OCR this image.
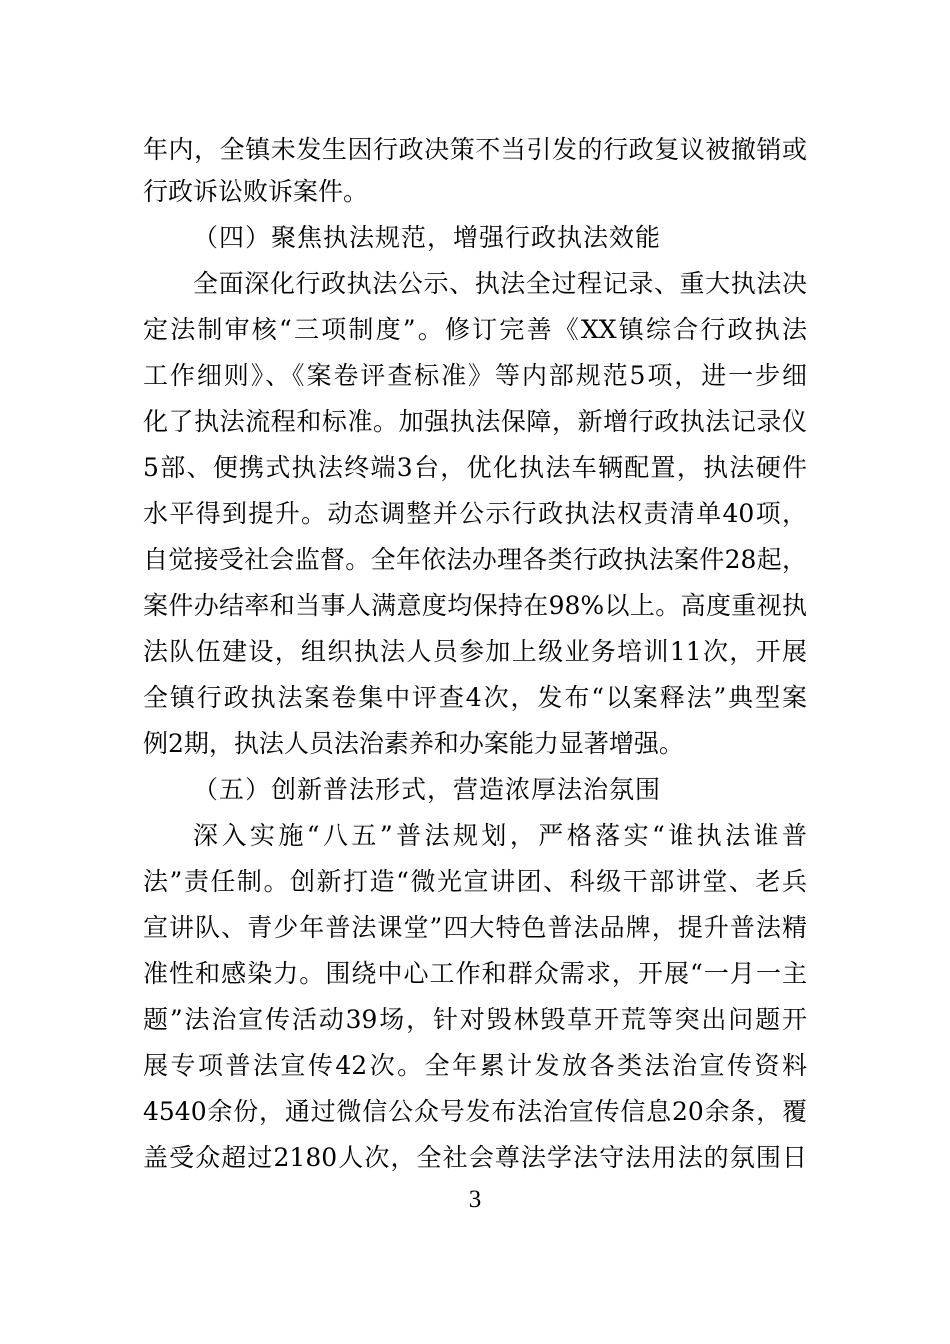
年内，全镇未发生因行政决策不当引发的行政复议被撤销或
行政诉讼败诉案件。
（四）聚焦执法规范，增强行政执法效能
全面深化行政执法公示、执法全过程记录、重大执法决
定法制审核“三项制度”。修订完善《XX镇综合行政执法
工作细则》、《案卷评查标准》等内部规范5项，进一步细
化了执法流程和标准。加强执法保障，新增行政执法记录仪
5部、便携式执法终端3台，优化执法车辆配置，执法硬件
水平得到提升。动态调整并公示行政执法权责清单40项，
自觉接受社会监督。全年依法办理各类行政执法案件28起，
案件办结率和当事人满意度均保持在98%以上。高度重视执
法队伍建设，组织执法人员参加上级业务培训11次，开展
全镇行政执法案卷集中评查4次，发布“以案释法”典型案
例2期，执法人员法治素养和办案能力显著增强。
（五）创新普法形式，营造浓厚法治氛围
深入实施“八五”普法规划，严格落实“谁执法谁普
法”责任制。创新打造“微光宣讲团、科级干部讲堂、老兵
宣讲队、青少年普法课堂”四大特色普法品牌，提升普法精
准性和感染力。围绕中心工作和群众需求，开展“一月一主
题”法治宣传活动39场，针对毁林毁草开荒等突出问题开
展专项普法宣传42次。全年累计发放各类法治宣传资料
4540余份，通过微信公众号发布法治宣传信息20余条，覆
盖受众超过2180人次，全社会尊法学法守法用法的氛围日
3
